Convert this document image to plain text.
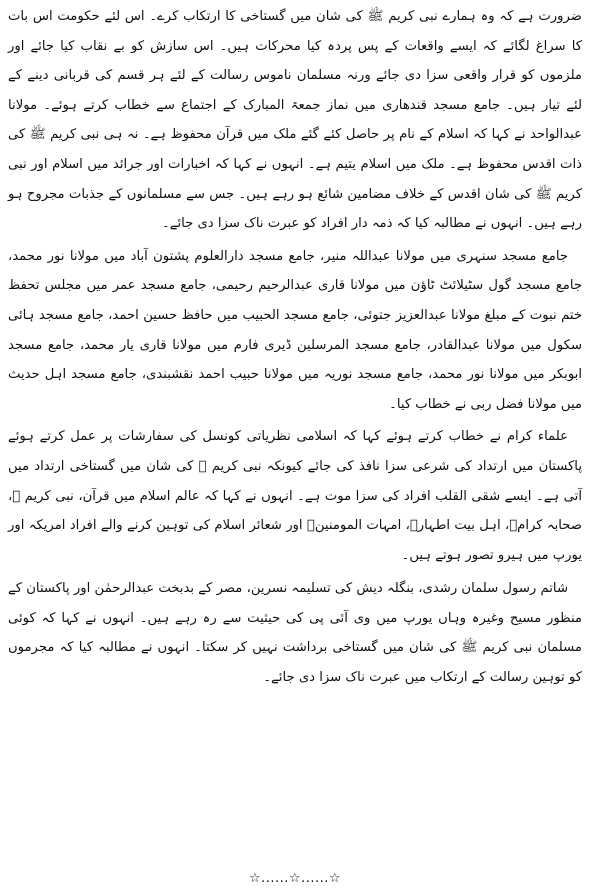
ضرورت ہے کہ وہ ہمارے نبی کریم ﷺ کی شان میں گستاخی کا ارتکاب کرے۔ اس لئے حکومت اس بات کا سراغ لگائے کہ ایسے واقعات کے پس پردہ کیا محرکات ہیں۔ اس سازش کو بے نقاب کیا جائے اور ملزموں کو قرار واقعی سزا دی جائے ورنہ مسلمان ناموس رسالت کے لئے ہر قسم کی قربانی دینے کے لئے تیار ہیں۔ جامع مسجد قندھاری میں نماز جمعۃ المبارک کے اجتماع سے خطاب کرتے ہوئے۔ مولانا عبدالواحد نے کہا کہ اسلام کے نام پر حاصل کئے گئے ملک میں قرآن محفوظ ہے۔ نہ ہی نبی کریم ﷺ کی ذات اقدس محفوظ ہے۔ ملک میں اسلام یتیم ہے۔ انہوں نے کہا کہ اخبارات اور جرائد میں اسلام اور نبی کریم ﷺ کی شان اقدس کے خلاف مضامین شائع ہو رہے ہیں۔ جس سے مسلمانوں کے جذبات مجروح ہو رہے ہیں۔ انہوں نے مطالبہ کیا کہ ذمہ دار افراد کو عبرت ناک سزا دی جائے۔

جامع مسجد سنہری میں مولانا عبداللہ منیر، جامع مسجد دارالعلوم پشتون آباد میں مولانا نور محمد، جامع مسجد گول سٹیلائٹ ٹاؤن میں مولانا قاری عبدالرحیم رحیمی، جامع مسجد عمر میں مجلس تحفظ ختم نبوت کے مبلغ مولانا عبدالعزیز جتوئی، جامع مسجد الحبیب میں حافظ حسین احمد، جامع مسجد ہائی سکول میں مولانا عبدالقادر، جامع مسجد المرسلین ڈیری فارم میں مولانا قاری یار محمد، جامع مسجد ابوبکر میں مولانا نور محمد، جامع مسجد نوریہ میں مولانا حبیب احمد نقشبندی، جامع مسجد اہل حدیث میں مولانا فضل ربی نے خطاب کیا۔

علماء کرام نے خطاب کرتے ہوئے کہا کہ اسلامی نظریاتی کونسل کی سفارشات پر عمل کرتے ہوئے پاکستان میں ارتداد کی شرعی سزا نافذ کی جائے کیونکہ نبی کریم ﷺ کی شان میں گستاخی ارتداد میں آتی ہے۔ ایسے شقی القلب افراد کی سزا موت ہے۔ انہوں نے کہا کہ عالم اسلام میں قرآن، نبی کریم ﷺ، صحابہ کرامؓ، اہل بیت اطہارؓ، امہات المومنینؓ اور شعائر اسلام کی توہین کرنے والے افراد امریکہ اور یورپ میں ہیرو تصور ہوتے ہیں۔

شاتم رسول سلمان رشدی، بنگلہ دیش کی تسلیمہ نسرین، مصر کے بدبخت عبدالرحمٰن اور پاکستان کے منظور مسیح وغیرہ وہاں یورپ میں وی آئی پی کی حیثیت سے رہ رہے ہیں۔ انہوں نے کہا کہ کوئی مسلمان نبی کریم ﷺ کی شان میں گستاخی برداشت نہیں کر سکتا۔ انہوں نے مطالبہ کیا کہ مجرموں کو توہین رسالت کے ارتکاب میں عبرت ناک سزا دی جائے۔

☆......☆......☆
